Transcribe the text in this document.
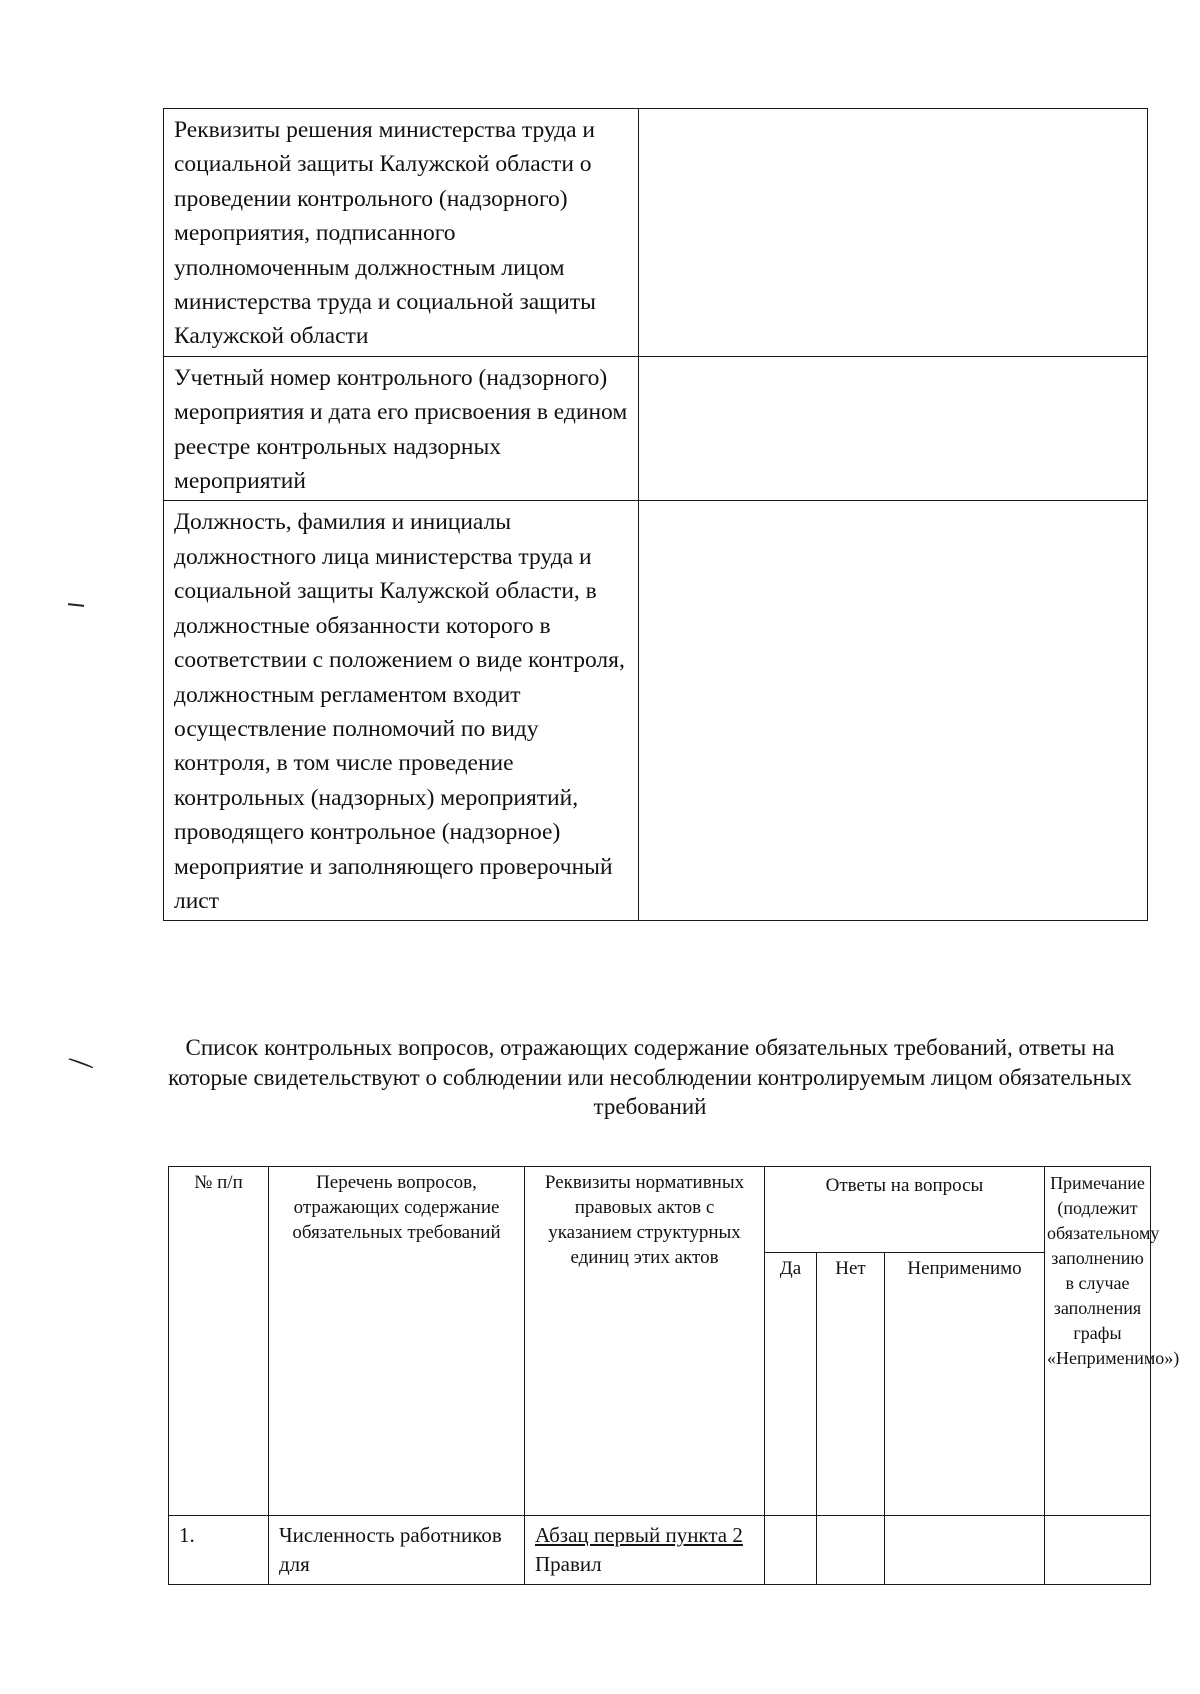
Реквизиты решения министерства труда и социальной защиты Калужской области о проведении контрольного (надзорного) мероприятия, подписанного уполномоченным должностным лицом министерства труда и социальной защиты Калужской области	
Учетный номер контрольного (надзорного) мероприятия и дата его присвоения в едином реестре контрольных надзорных мероприятий	
Должность, фамилия и инициалы должностного лица министерства труда и социальной защиты Калужской области, в должностные обязанности которого в соответствии с положением о виде контроля, должностным регламентом входит осуществление полномочий по виду контроля, в том числе проведение контрольных (надзорных) мероприятий, проводящего контрольное (надзорное) мероприятие и заполняющего проверочный лист	
Список контрольных вопросов, отражающих содержание обязательных требований, ответы на которые свидетельствуют о соблюдении или несоблюдении контролируемым лицом обязательных требований
№ п/п	Перечень вопросов, отражающих содержание обязательных требований	Реквизиты нормативных правовых актов с указанием структурных единиц этих актов	Ответы на вопросы			Примечание (подлежит обязательному заполнению в случае заполнения графы «Неприменимо»)
			Да	Нет	Неприменимо	
1.	Численность работников для	Абзац первый пункта 2 Правил				
